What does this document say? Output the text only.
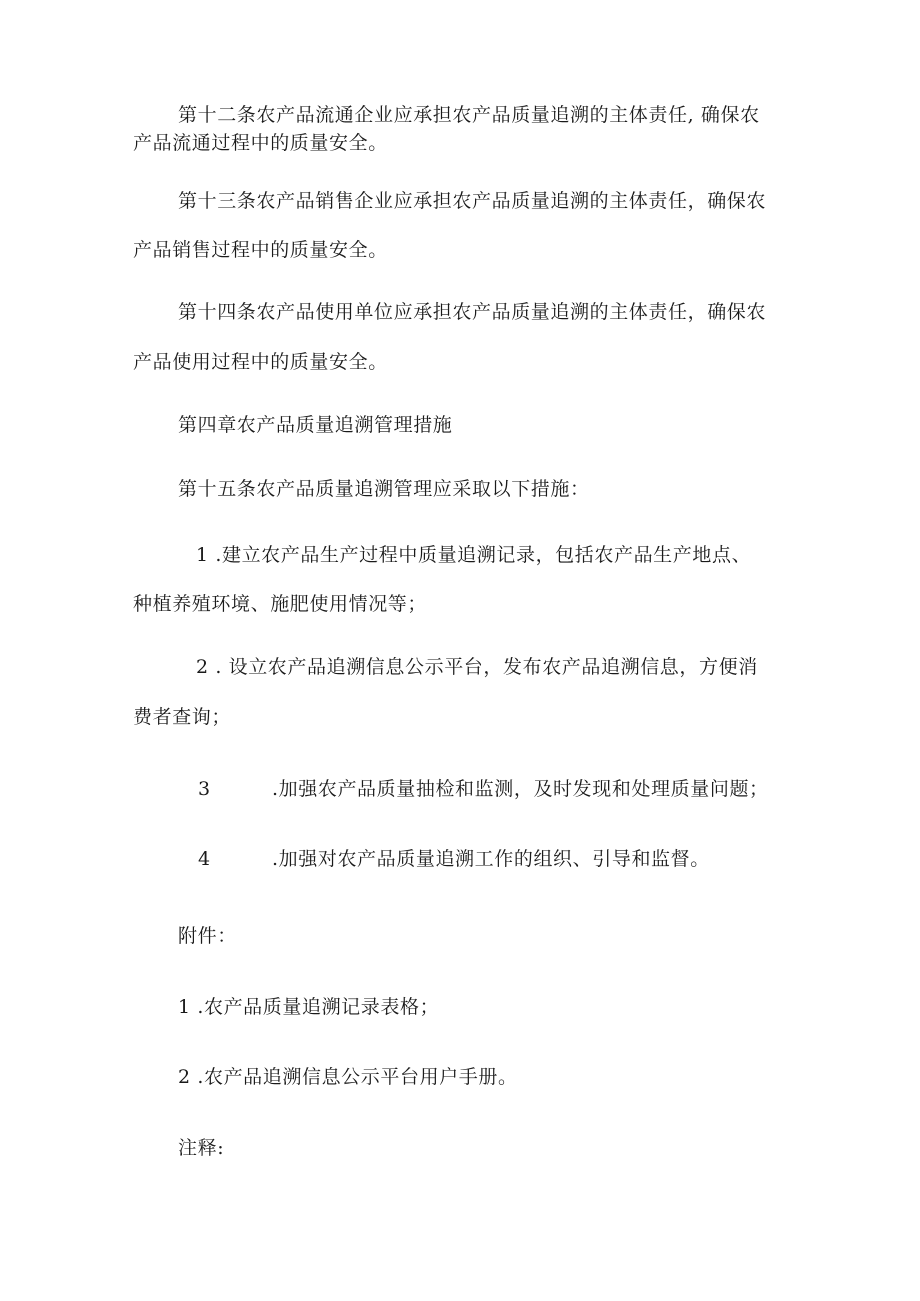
第十二条农产品流通企业应承担农产品质量追溯的主体责任, 确保农
产品流通过程中的质量安全。
第十三条农产品销售企业应承担农产品质量追溯的主体责任，确保农
产品销售过程中的质量安全。
第十四条农产品使用单位应承担农产品质量追溯的主体责任，确保农
产品使用过程中的质量安全。
第四章农产品质量追溯管理措施
第十五条农产品质量追溯管理应采取以下措施：
1 .建立农产品生产过程中质量追溯记录，包括农产品生产地点、
种植养殖环境、施肥使用情况等；
2 . 设立农产品追溯信息公示平台，发布农产品追溯信息，方便消
费者查询；
3	.加强农产品质量抽检和监测，及时发现和处理质量问题；
4	.加强对农产品质量追溯工作的组织、引导和监督。
附件：
1 .农产品质量追溯记录表格；
2 .农产品追溯信息公示平台用户手册。
注释:
